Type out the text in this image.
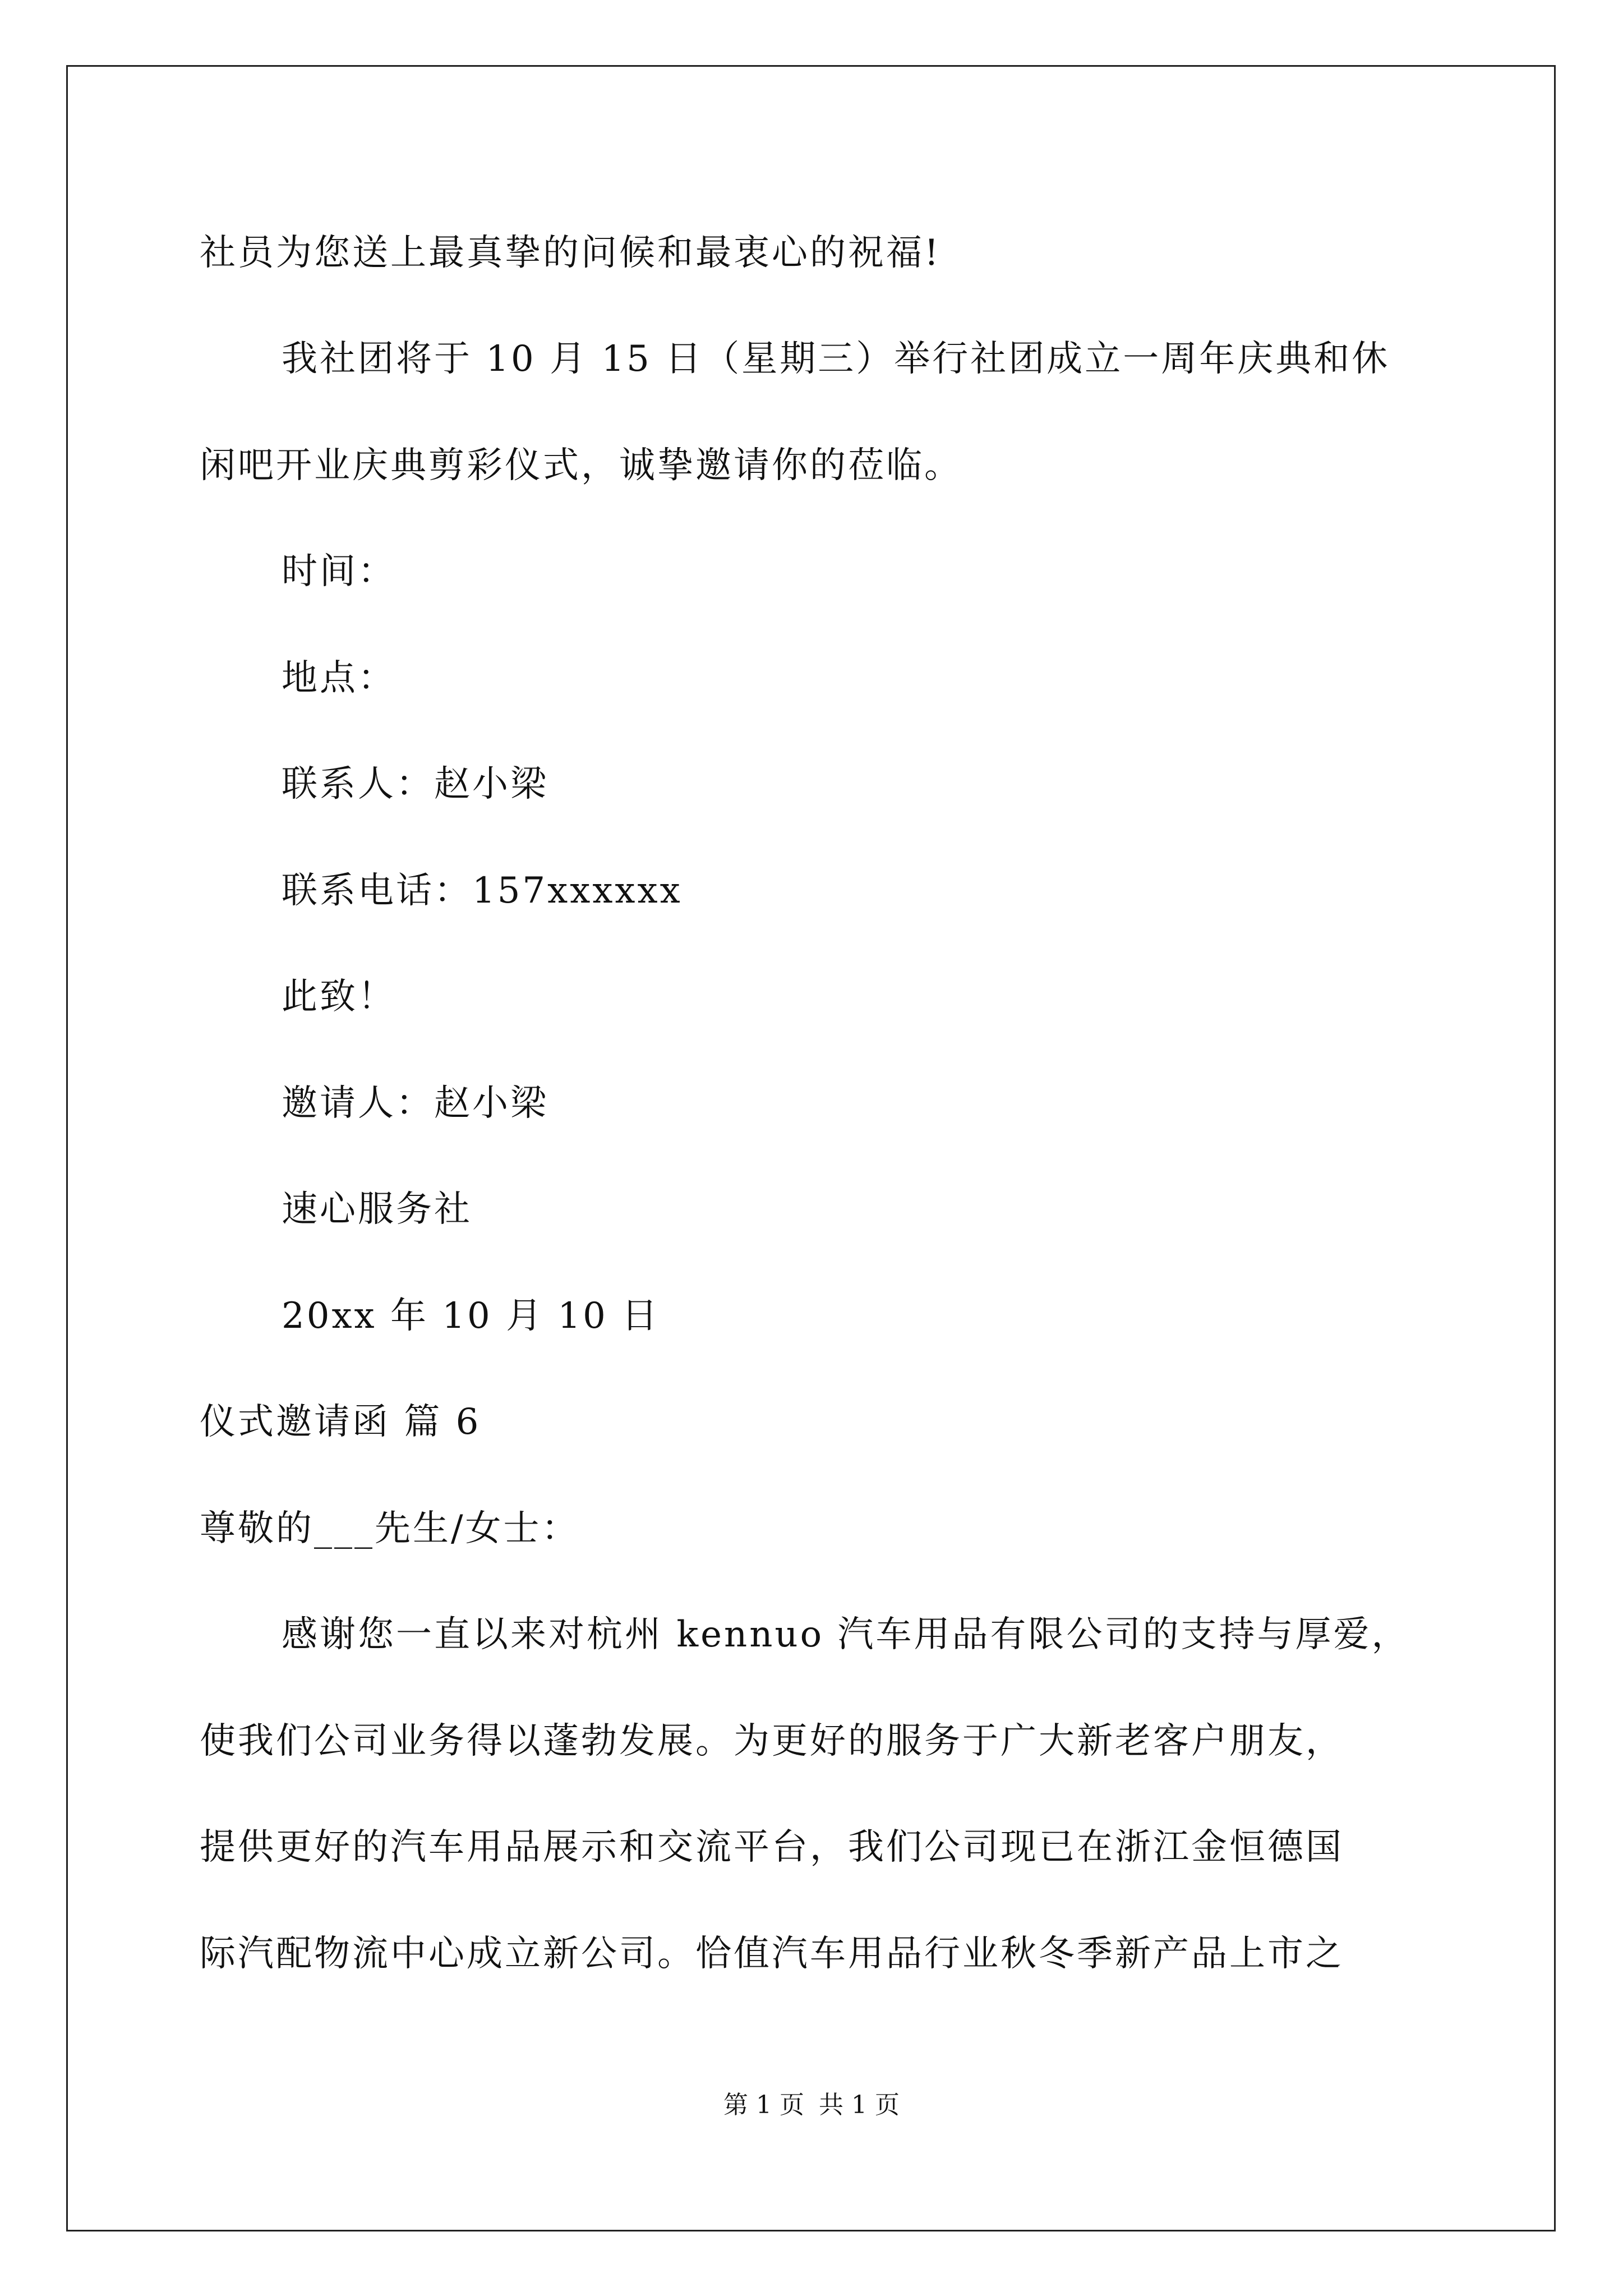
社员为您送上最真挚的问候和最衷心的祝福!
我社团将于 10 月 15 日（星期三）举行社团成立一周年庆典和休
闲吧开业庆典剪彩仪式，诚挚邀请你的莅临。
时间：
地点：
联系人：赵小梁
联系电话：157xxxxxx
此致！
邀请人：赵小梁
速心服务社
20xx 年 10 月 10 日
仪式邀请函 篇 6
尊敬的___先生/女士：
感谢您一直以来对杭州 kennuo 汽车用品有限公司的支持与厚爱，
使我们公司业务得以蓬勃发展。为更好的服务于广大新老客户朋友，
提供更好的汽车用品展示和交流平台，我们公司现已在浙江金恒德国
际汽配物流中心成立新公司。恰值汽车用品行业秋冬季新产品上市之
第 1 页 共 1 页
